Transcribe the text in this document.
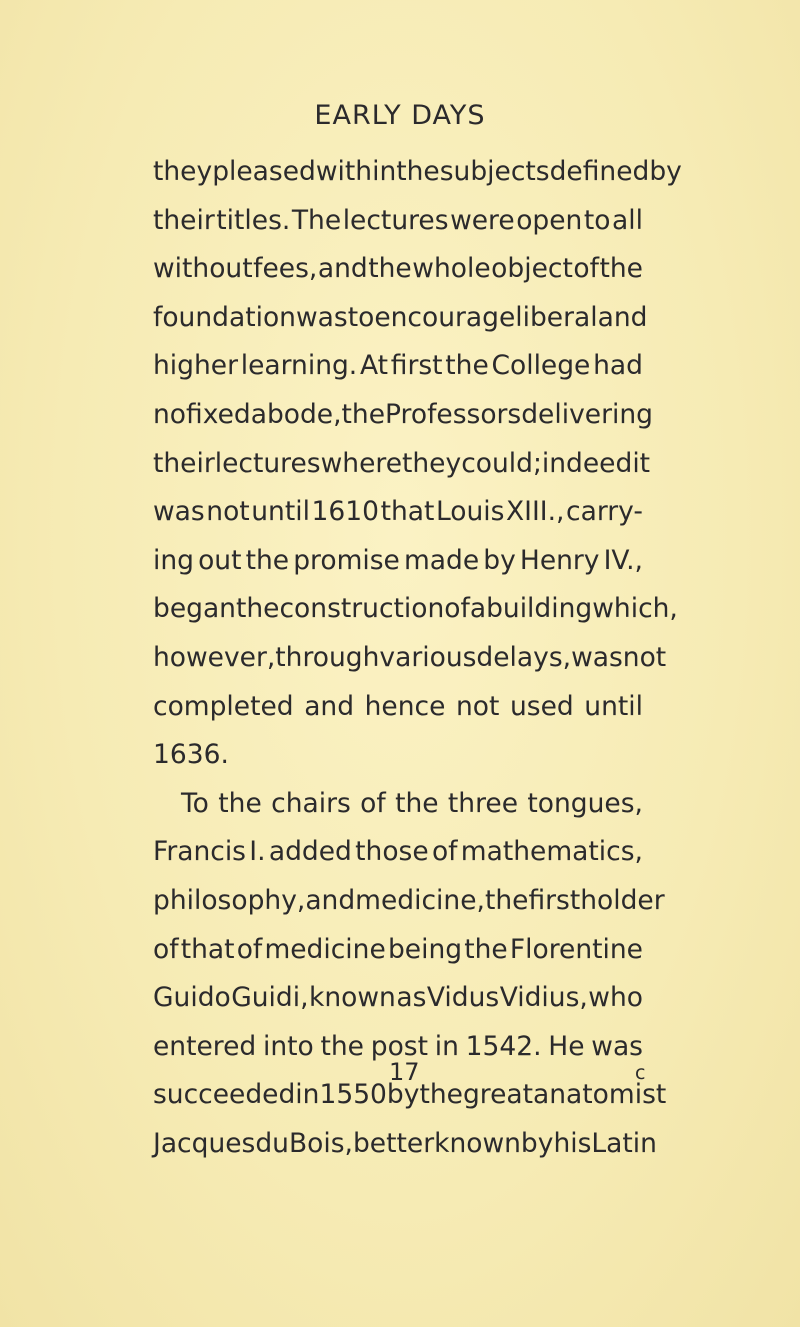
EARLY DAYS
they pleased within the subjects defined by
their titles. The lectures were open to all
without fees, and the whole object of the
foundation was to encourage liberal and
higher learning. At first the College had
no fixed abode, the Professors delivering
their lectures where they could ; indeed it
was not until 1610 that Louis XIII., carry-
ing out the promise made by Henry IV.,
began the construction of a building which,
however, through various delays, was not
completed and hence not used until
1636.
To the chairs of the three tongues,
Francis I. added those of mathematics,
philosophy, and medicine, the first holder
of that of medicine being the Florentine
Guido Guidi, known as Vidus Vidius, who
entered into the post in 1542. He was
succeeded in 1550 by the great anatomist
Jacques du Bois, better known by his Latin
17	c
